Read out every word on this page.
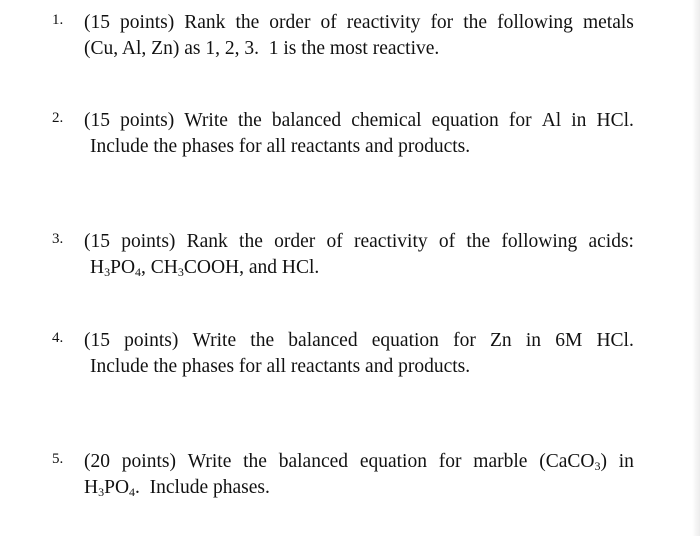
1. (15 points) Rank the order of reactivity for the following metals
(Cu, Al, Zn) as 1, 2, 3.  1 is the most reactive.
2. (15 points) Write the balanced chemical equation for Al in HCl.
Include the phases for all reactants and products.
3. (15 points) Rank the order of reactivity of the following acids:
$H_3PO_4$, $CH_3COOH$, and HCl.
4. (15 points) Write the balanced equation for Zn in 6M HCl.
Include the phases for all reactants and products.
5. (20 points) Write the balanced equation for marble (CaCO$_3$) in
$H_3PO_4$.  Include phases.
